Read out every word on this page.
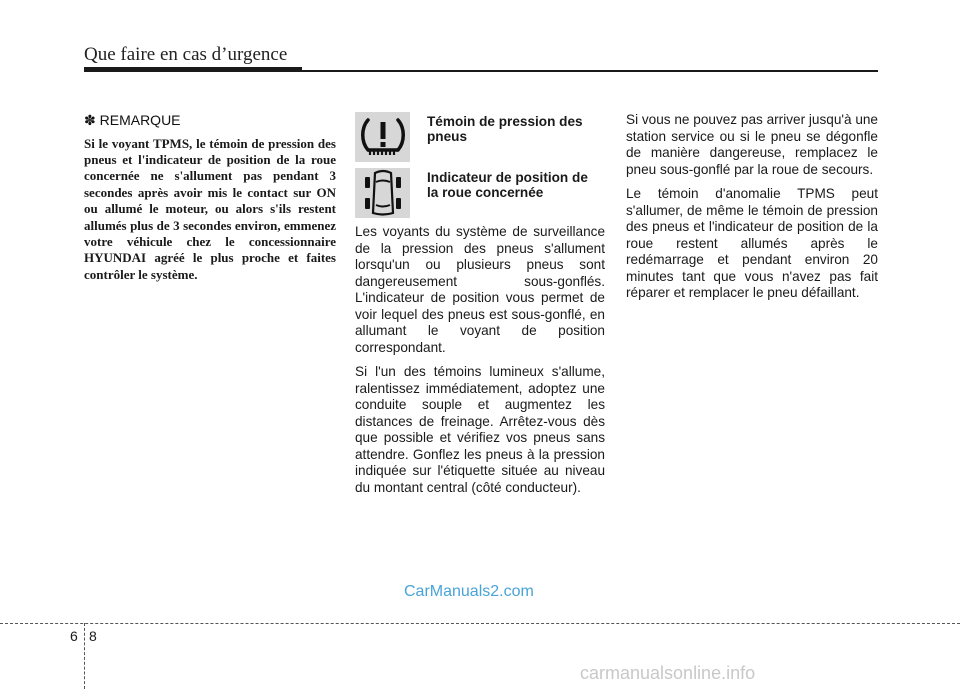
Que faire en cas d’urgence
✽ REMARQUE

Si le voyant TPMS, le témoin de pression des pneus et l'indicateur de position de la roue concernée ne s'allument pas pendant 3 secondes après avoir mis le contact sur ON ou allumé le moteur, ou alors s'ils restent allumés plus de 3 secondes environ, emmenez votre véhicule chez le concessionnaire HYUNDAI agréé le plus proche et faites contrôler le système.

Témoin de pression des pneus
Indicateur de position de la roue concernée

Les voyants du système de surveillance de la pression des pneus s'allument lorsqu'un ou plusieurs pneus sont dangereusement sous-gonflés. L'indicateur de position vous permet de voir lequel des pneus est sous-gonflé, en allumant le voyant de position correspondant.

Si l'un des témoins lumineux s'allume, ralentissez immédiatement, adoptez une conduite souple et augmentez les distances de freinage. Arrêtez-vous dès que possible et vérifiez vos pneus sans attendre. Gonflez les pneus à la pression indiquée sur l'étiquette située au niveau du montant central (côté conducteur).

Si vous ne pouvez pas arriver jusqu'à une station service ou si le pneu se dégonfle de manière dangereuse, remplacez le pneu sous-gonflé par la roue de secours.

Le témoin d'anomalie TPMS peut s'allumer, de même le témoin de pression des pneus et l'indicateur de position de la roue restent allumés après le redémarrage et pendant environ 20 minutes tant que vous n'avez pas fait réparer et remplacer le pneu défaillant.

CarManuals2.com
6 8
carmanualsonline.info
